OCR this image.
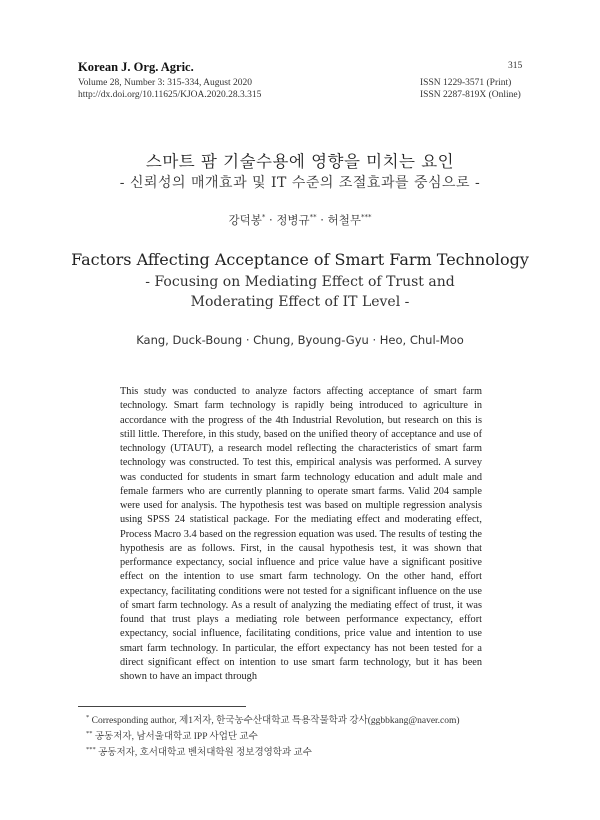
Korean J. Org. Agric.
Volume 28, Number 3: 315-334, August 2020
http://dx.doi.org/10.11625/KJOA.2020.28.3.315
315
ISSN 1229-3571 (Print)
ISSN 2287-819X (Online)
스마트 팜 기술수용에 영향을 미치는 요인
- 신뢰성의 매개효과 및 IT 수준의 조절효과를 중심으로 -
강덕봉* · 정병규** · 허철무***
Factors Affecting Acceptance of Smart Farm Technology
- Focusing on Mediating Effect of Trust and
Moderating Effect of IT Level -
Kang, Duck-Boung · Chung, Byoung-Gyu · Heo, Chul-Moo

This study was conducted to analyze factors affecting acceptance of smart farm technology. Smart farm technology is rapidly being introduced to agriculture in accordance with the progress of the 4th Industrial Revolution, but research on this is still little. Therefore, in this study, based on the unified theory of acceptance and use of technology (UTAUT), a research model reflecting the characteristics of smart farm technology was constructed. To test this, empirical analysis was performed. A survey was conducted for students in smart farm technology education and adult male and female farmers who are currently planning to operate smart farms. Valid 204 sample were used for analysis. The hypothesis test was based on multiple regression analysis using SPSS 24 statistical package. For the mediating effect and moderating effect, Process Macro 3.4 based on the regression equation was used. The results of testing the hypothesis are as follows. First, in the causal hypothesis test, it was shown that performance expectancy, social influence and price value have a significant positive effect on the intention to use smart farm technology. On the other hand, effort expectancy, facilitating conditions were not tested for a significant influence on the use of smart farm technology. As a result of analyzing the mediating effect of trust, it was found that trust plays a mediating role between performance expectancy, effort expectancy, social influence, facilitating conditions, price value and intention to use smart farm technology. In particular, the effort expectancy has not been tested for a direct significant effect on intention to use smart farm technology, but it has been shown to have an impact through

* Corresponding author, 제1저자, 한국농수산대학교 특용작물학과 강사(ggbbkang@naver.com)
** 공동저자, 남서울대학교 IPP 사업단 교수
*** 공동저자, 호서대학교 벤처대학원 정보경영학과 교수
